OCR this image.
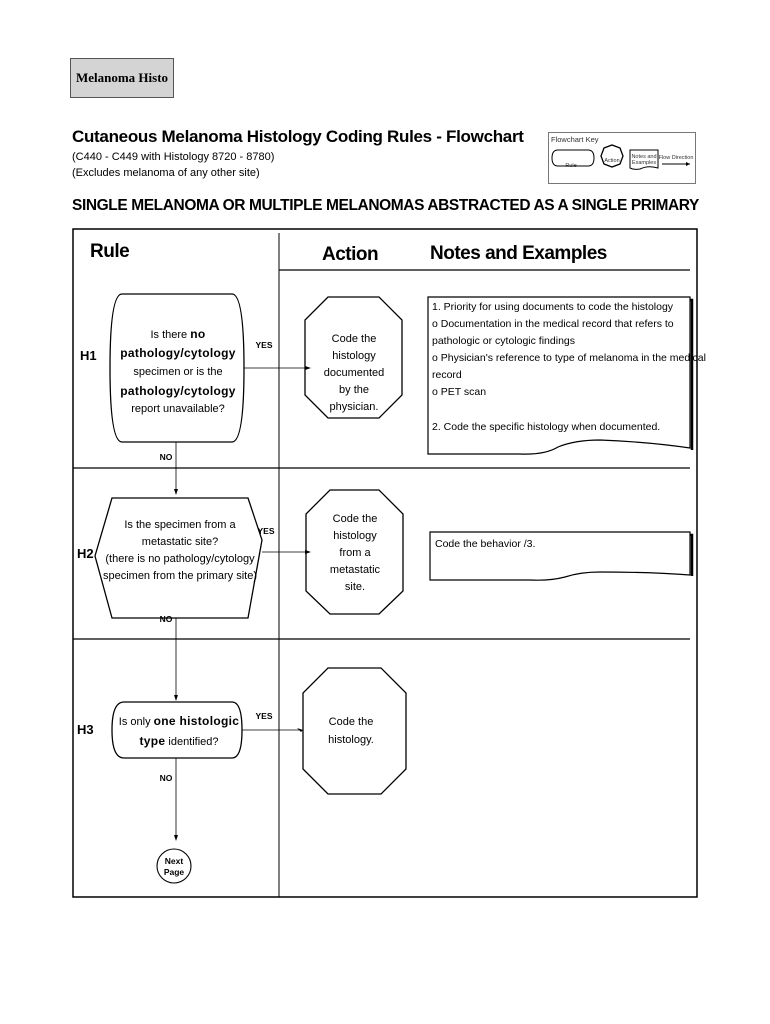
Melanoma Histo
Cutaneous Melanoma Histology Coding Rules - Flowchart
(C440 - C449 with Histology 8720 - 8780)
(Excludes melanoma of any other site)
Flowchart Key
Rule
Action
Notes and
Examples
Flow Direction
SINGLE MELANOMA OR MULTIPLE MELANOMAS ABSTRACTED AS A SINGLE PRIMARY
Rule	Action	Notes and Examples
H1
Is there no
pathology/cytology
specimen or is the
pathology/cytology
report unavailable?
YES
NO
Code the
histology
documented
by the
physician.
1. Priority for using documents to code the histology
o Documentation in the medical record that refers to
pathologic or cytologic findings
o Physician's reference to type of melanoma in the medical
record
o PET scan
2. Code the specific histology when documented.
H2
Is the specimen from a
metastatic site?
(there is no pathology/cytology
specimen from the primary site)
YES
NO
Code the
histology
from a
metastatic
site.
Code the behavior /3.
H3 Is only one histologic
type identified?
YES
NO
Code the
histology.
Next
Page
